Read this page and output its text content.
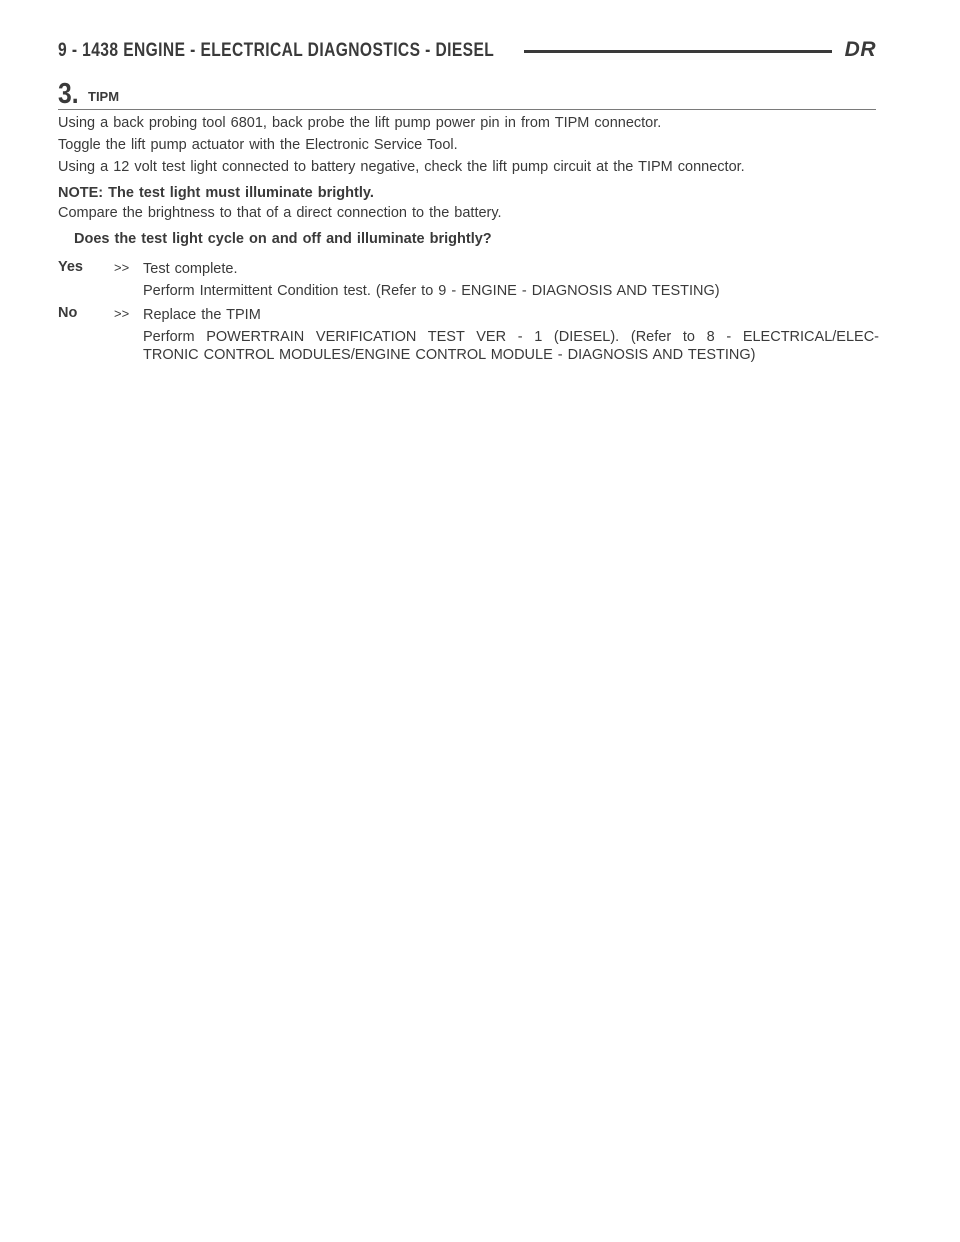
9 - 1438 ENGINE - ELECTRICAL DIAGNOSTICS - DIESEL	DR
3. TIPM
Using a back probing tool 6801, back probe the lift pump power pin in from TIPM connector.
Toggle the lift pump actuator with the Electronic Service Tool.
Using a 12 volt test light connected to battery negative, check the lift pump circuit at the TIPM connector.
NOTE: The test light must illuminate brightly.
Compare the brightness to that of a direct connection to the battery.
Does the test light cycle on and off and illuminate brightly?
Yes >> Test complete.
Perform Intermittent Condition test. (Refer to 9 - ENGINE - DIAGNOSIS AND TESTING)
No	>> Replace the TPIM
Perform POWERTRAIN VERIFICATION TEST VER - 1 (DIESEL). (Refer to 8 - ELECTRICAL/ELEC-
TRONIC CONTROL MODULES/ENGINE CONTROL MODULE - DIAGNOSIS AND TESTING)
